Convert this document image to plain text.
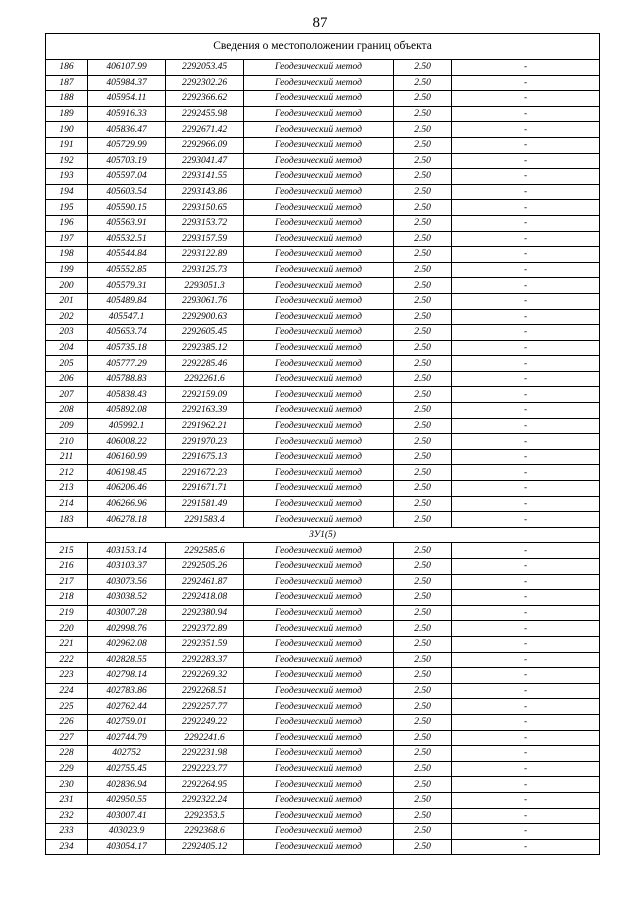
87
Сведения о местоположении границ объекта					
186	406107.99	2292053.45	Геодезический метод	2.50	-
187	405984.37	2292302.26	Геодезический метод	2.50	-
188	405954.11	2292366.62	Геодезический метод	2.50	-
189	405916.33	2292455.98	Геодезический метод	2.50	-
190	405836.47	2292671.42	Геодезический метод	2.50	-
191	405729.99	2292966.09	Геодезический метод	2.50	-
192	405703.19	2293041.47	Геодезический метод	2.50	-
193	405597.04	2293141.55	Геодезический метод	2.50	-
194	405603.54	2293143.86	Геодезический метод	2.50	-
195	405590.15	2293150.65	Геодезический метод	2.50	-
196	405563.91	2293153.72	Геодезический метод	2.50	-
197	405532.51	2293157.59	Геодезический метод	2.50	-
198	405544.84	2293122.89	Геодезический метод	2.50	-
199	405552.85	2293125.73	Геодезический метод	2.50	-
200	405579.31	2293051.3	Геодезический метод	2.50	-
201	405489.84	2293061.76	Геодезический метод	2.50	-
202	405547.1	2292900.63	Геодезический метод	2.50	-
203	405653.74	2292605.45	Геодезический метод	2.50	-
204	405735.18	2292385.12	Геодезический метод	2.50	-
205	405777.29	2292285.46	Геодезический метод	2.50	-
206	405788.83	2292261.6	Геодезический метод	2.50	-
207	405838.43	2292159.09	Геодезический метод	2.50	-
208	405892.08	2292163.39	Геодезический метод	2.50	-
209	405992.1	2291962.21	Геодезический метод	2.50	-
210	406008.22	2291970.23	Геодезический метод	2.50	-
211	406160.99	2291675.13	Геодезический метод	2.50	-
212	406198.45	2291672.23	Геодезический метод	2.50	-
213	406206.46	2291671.71	Геодезический метод	2.50	-
214	406266.96	2291581.49	Геодезический метод	2.50	-
183	406278.18	2291583.4	Геодезический метод	2.50	-
ЗУ1(5)					
215	403153.14	2292585.6	Геодезический метод	2.50	-
216	403103.37	2292505.26	Геодезический метод	2.50	-
217	403073.56	2292461.87	Геодезический метод	2.50	-
218	403038.52	2292418.08	Геодезический метод	2.50	-
219	403007.28	2292380.94	Геодезический метод	2.50	-
220	402998.76	2292372.89	Геодезический метод	2.50	-
221	402962.08	2292351.59	Геодезический метод	2.50	-
222	402828.55	2292283.37	Геодезический метод	2.50	-
223	402798.14	2292269.32	Геодезический метод	2.50	-
224	402783.86	2292268.51	Геодезический метод	2.50	-
225	402762.44	2292257.77	Геодезический метод	2.50	-
226	402759.01	2292249.22	Геодезический метод	2.50	-
227	402744.79	2292241.6	Геодезический метод	2.50	-
228	402752	2292231.98	Геодезический метод	2.50	-
229	402755.45	2292223.77	Геодезический метод	2.50	-
230	402836.94	2292264.95	Геодезический метод	2.50	-
231	402950.55	2292322.24	Геодезический метод	2.50	-
232	403007.41	2292353.5	Геодезический метод	2.50	-
233	403023.9	2292368.6	Геодезический метод	2.50	-
234	403054.17	2292405.12	Геодезический метод	2.50	-
